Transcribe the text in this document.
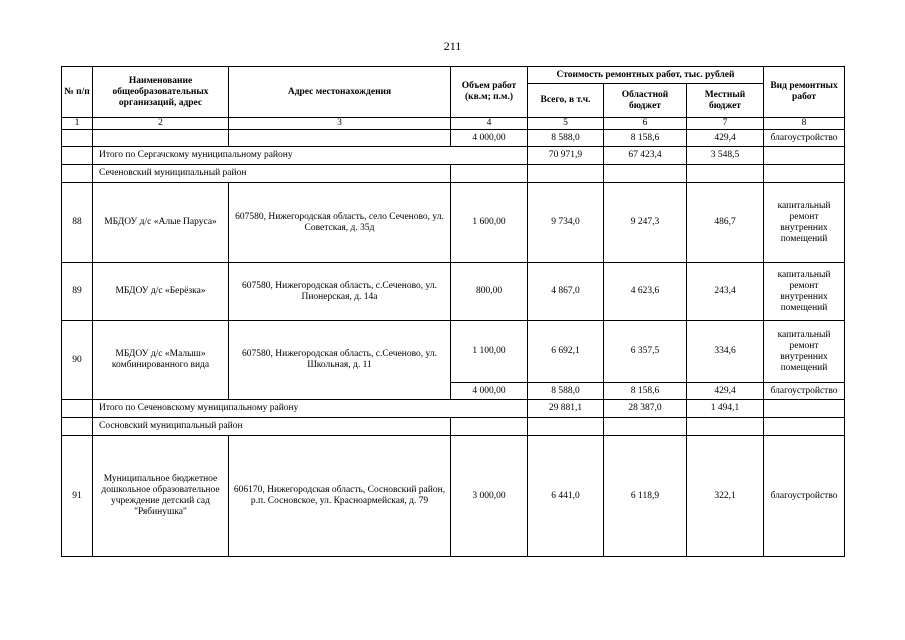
211
№ п/п	Наименование общеобразовательных организаций, адрес	Адрес местонахождения	Объем работ (кв.м; п.м.)	Стоимость ремонтных работ, тыс. рублей			Вид ремонтных работ
				Всего, в т.ч.	Областной бюджет	Местный бюджет	
1	2	3	4	5	6	7	8
			4 000,00	8 588,0	8 158,6	429,4	благоустройство
	Итого по Сергачскому муниципальному району			70 971,9	67 423,4	3 548,5	
	Сеченовский муниципальный район						
88	МБДОУ д/с «Алые Паруса»	607580, Нижегородская область, село Сеченово, ул. Советская, д. 35д	1 600,00	9 734,0	9 247,3	486,7	капитальный ремонт внутренних помещений
89	МБДОУ д/с «Берёзка»	607580, Нижегородская область, с.Сеченово, ул. Пионерская, д. 14а	800,00	4 867,0	4 623,6	243,4	капитальный ремонт внутренних помещений
90	МБДОУ д/с «Малыш» комбинированного вида	607580, Нижегородская область, с.Сеченово, ул. Школьная, д. 11	1 100,00	6 692,1	6 357,5	334,6	капитальный ремонт внутренних помещений
			4 000,00	8 588,0	8 158,6	429,4	благоустройство
	Итого по Сеченовскому муниципальному району			29 881,1	28 387,0	1 494,1	
	Сосновский муниципальный район						
91	Муниципальное бюджетное дошкольное образовательное учреждение детский сад "Рябинушка"	606170, Нижегородская область, Сосновский район, р.п. Сосновское, ул. Красноармейская, д. 79	3 000,00	6 441,0	6 118,9	322,1	благоустройство
